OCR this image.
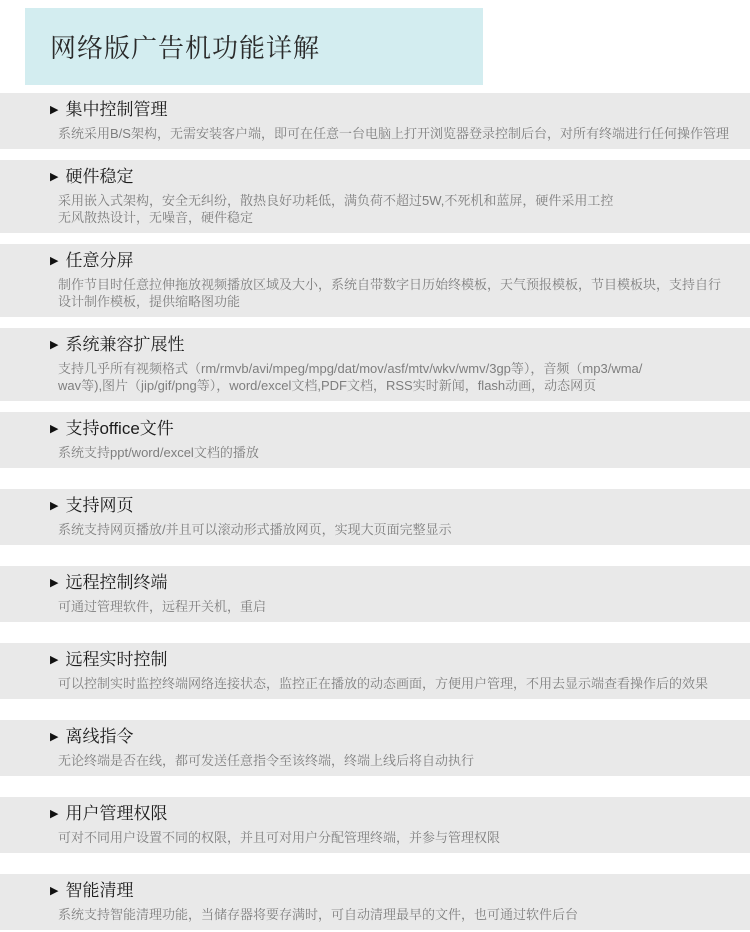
网络版广告机功能详解
▶ 集中控制管理
系统采用B/S架构，无需安装客户端，即可在任意一台电脑上打开浏览器登录控制后台，对所有终端进行任何操作管理
▶ 硬件稳定
采用嵌入式架构，安全无纠纷，散热良好功耗低，满负荷不超过5W,不死机和蓝屏，硬件采用工控
无风散热设计，无噪音，硬件稳定
▶ 任意分屏
制作节目时任意拉伸拖放视频播放区域及大小，系统自带数字日历始终模板，天气预报模板，节目模板块，支持自行
设计制作模板，提供缩略图功能
▶ 系统兼容扩展性
支持几乎所有视频格式（rm/rmvb/avi/mpeg/mpg/dat/mov/asf/mtv/wkv/wmv/3gp等），音频（mp3/wma/
wav等),图片（jip/gif/png等），word/excel文档,PDF文档，RSS实时新闻，flash动画，动态网页
▶ 支持office文件
系统支持ppt/word/excel文档的播放
▶ 支持网页
系统支持网页播放/并且可以滚动形式播放网页，实现大页面完整显示
▶ 远程控制终端
可通过管理软件，远程开关机，重启
▶ 远程实时控制
可以控制实时监控终端网络连接状态，监控正在播放的动态画面，方便用户管理，不用去显示端查看操作后的效果
▶ 离线指令
无论终端是否在线，都可发送任意指令至该终端，终端上线后将自动执行
▶ 用户管理权限
可对不同用户设置不同的权限，并且可对用户分配管理终端，并参与管理权限
▶ 智能清理
系统支持智能清理功能，当储存器将要存满时，可自动清理最早的文件，也可通过软件后台
